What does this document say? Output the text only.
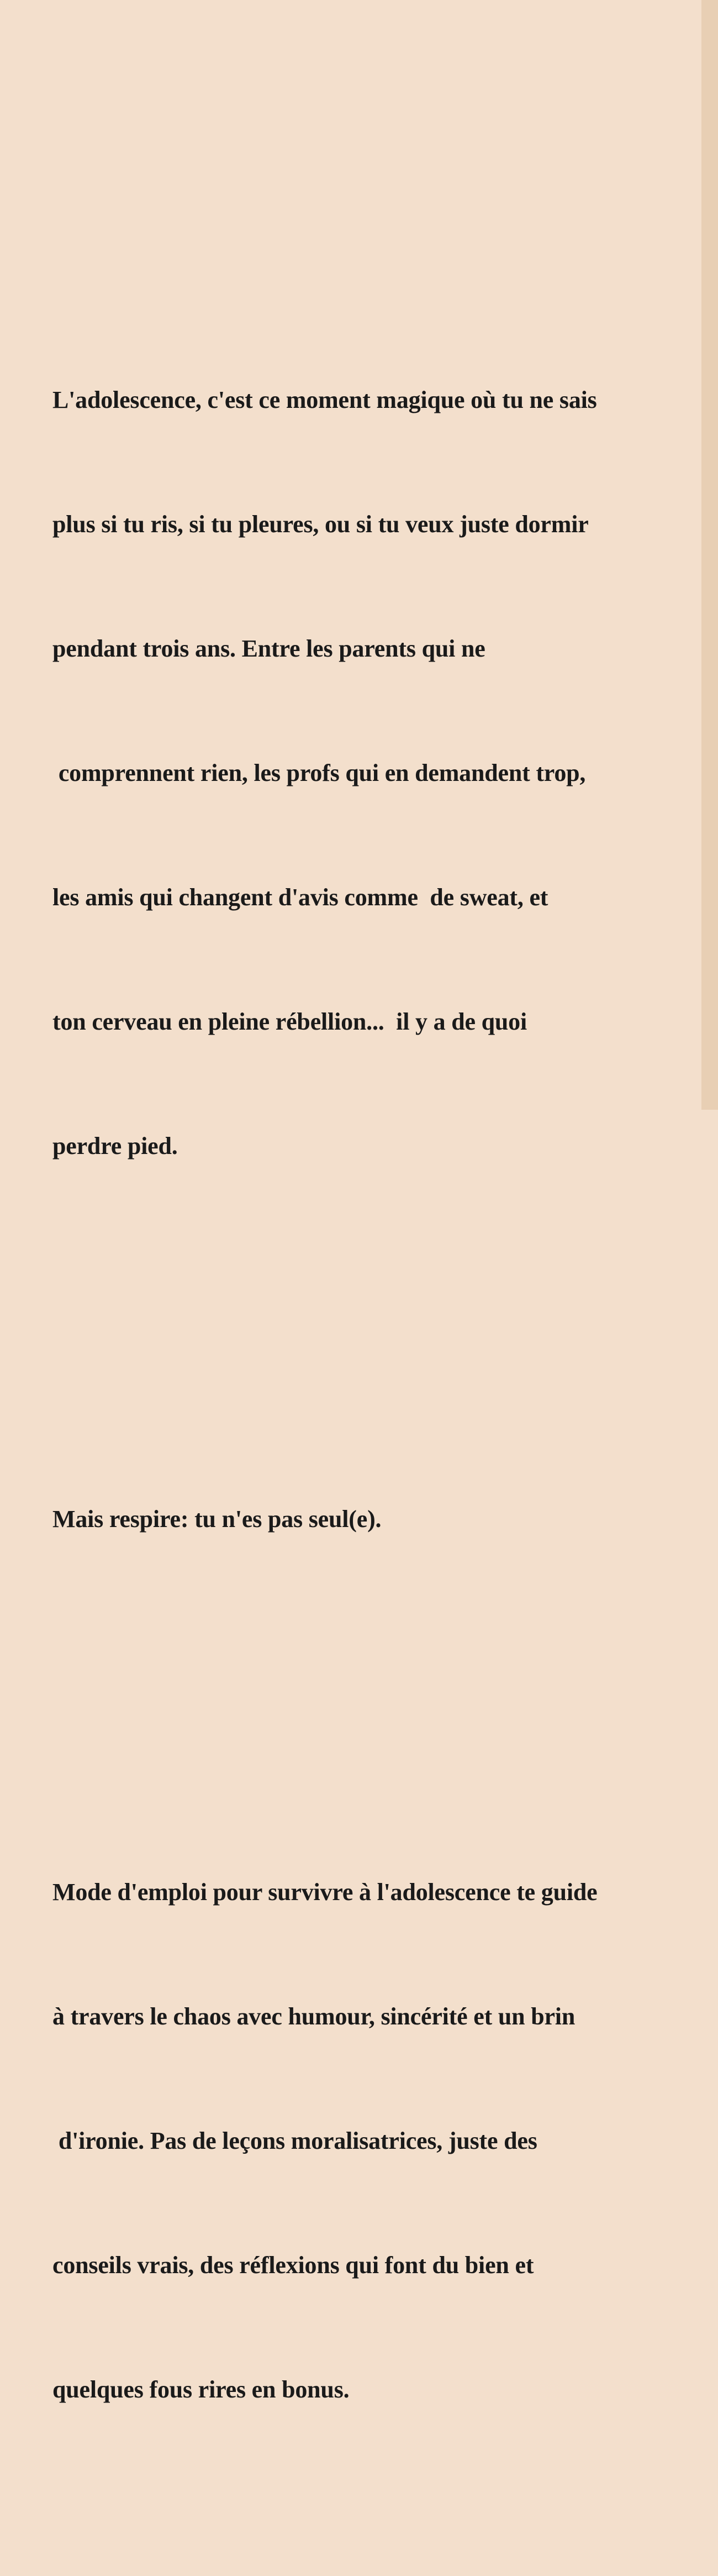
L'adolescence, c'est ce moment magique où tu ne sais

plus si tu ris, si tu pleures, ou si tu veux juste dormir

pendant trois ans. Entre les parents qui ne

comprennent rien, les profs qui en demandent trop,

les amis qui changent d'avis comme  de sweat, et

ton cerveau en pleine rébellion...  il y a de quoi

perdre pied.

Mais respire: tu n'es pas seul(e).

Mode d'emploi pour survivre à l'adolescence te guide

à travers le chaos avec humour, sincérité et un brin

d'ironie. Pas de leçons moralisatrices, juste des

conseils vrais, des réflexions qui font du bien et

quelques fous rires en bonus.
